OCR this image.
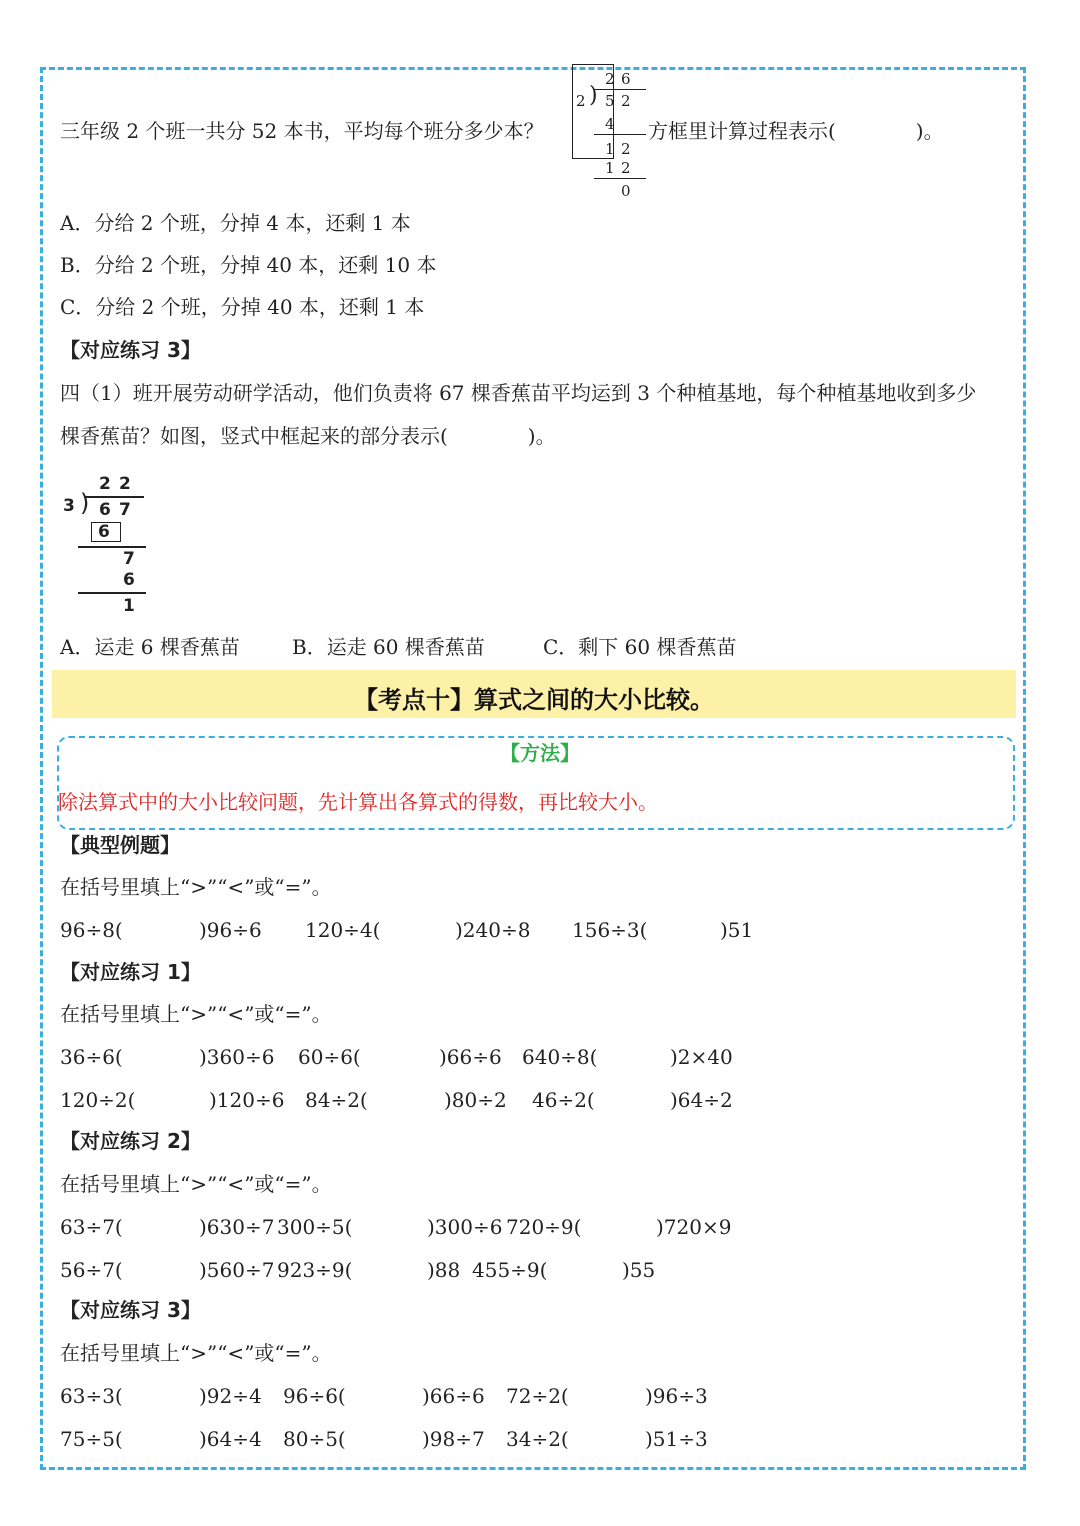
三年级 2 个班一共分 52 本书，平均每个班分多少本？
2 6
2 ) 5 2
4
1 2
1 2
0
方框里计算过程表示(　　　　)。
A．分给 2 个班，分掉 4 本，还剩 1 本
B．分给 2 个班，分掉 40 本，还剩 10 本
C．分给 2 个班，分掉 40 本，还剩 1 本
【对应练习 3】
四（1）班开展劳动研学活动，他们负责将 67 棵香蕉苗平均运到 3 个种植基地，每个种植基地收到多少
棵香蕉苗？如图，竖式中框起来的部分表示(　　　　)。
2 2
3 ) 6 7
6
7
6
1
A．运走 6 棵香蕉苗	B．运走 60 棵香蕉苗	C．剩下 60 棵香蕉苗
【考点十】算式之间的大小比较。
【方法】
除法算式中的大小比较问题，先计算出各算式的得数，再比较大小。
【典型例题】
在括号里填上“>”“<”或“=”。
96÷8(	)96÷6 120÷4(	)240÷8 156÷3(	)51
【对应练习 1】
在括号里填上“>”“<”或“=”。
36÷6(	)360÷6 60÷6(	)66÷6 640÷8(	)2×40
120÷2(	)120÷6 84÷2(	)80÷2 46÷2(	)64÷2
【对应练习 2】
在括号里填上“>”“<”或“=”。
63÷7(	)630÷7 300÷5(	)300÷6 720÷9(	)720×9
56÷7(	)560÷7 923÷9(	)88 455÷9(	)55
【对应练习 3】
在括号里填上“>”“<”或“=”。
63÷3(	)92÷4 96÷6(	)66÷6 72÷2(	)96÷3
75÷5(	)64÷4 80÷5(	)98÷7 34÷2(	)51÷3
